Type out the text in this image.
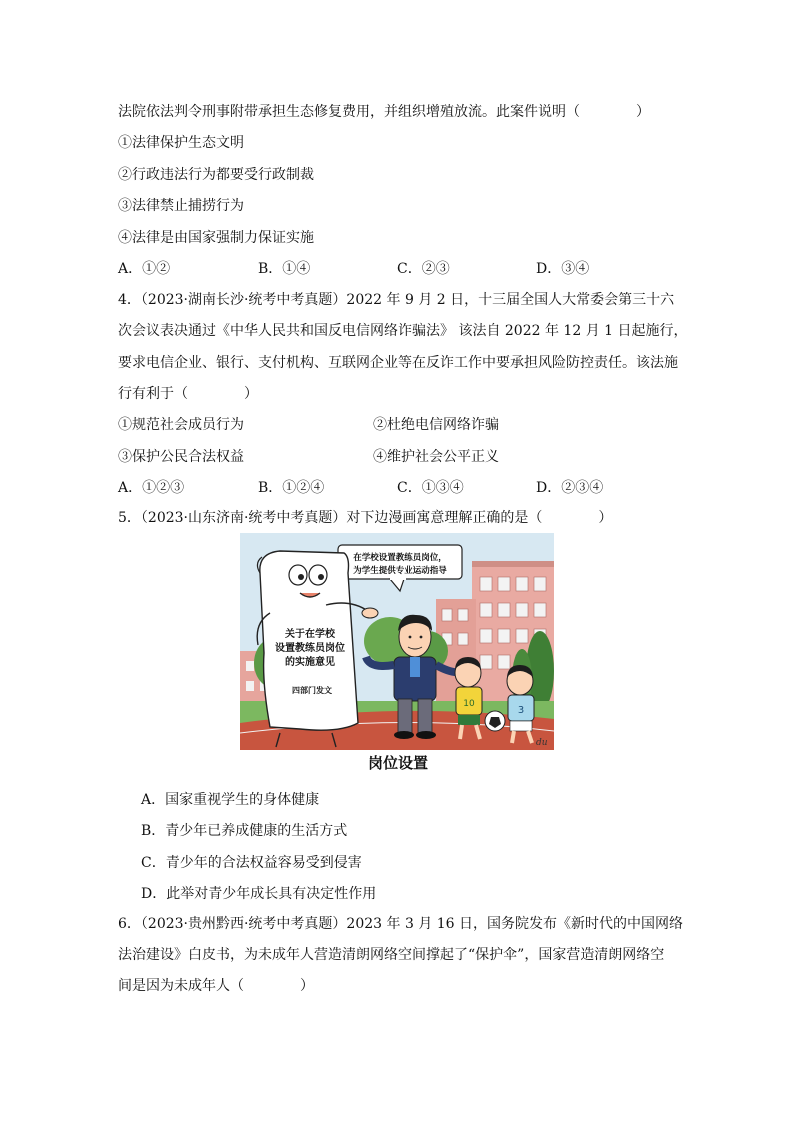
法院依法判令刑事附带承担生态修复费用，并组织增殖放流。此案件说明（　　　　）
①法律保护生态文明
②行政违法行为都要受行政制裁
③法律禁止捕捞行为
④法律是由国家强制力保证实施
A．①②	B．①④	C．②③	D．③④
4．（2023·湖南长沙·统考中考真题）2022 年 9 月 2 日，十三届全国人大常委会第三十六
次会议表决通过《中华人民共和国反电信网络诈骗法》 该法自 2022 年 12 月 1 日起施行，
要求电信企业、银行、支付机构、互联网企业等在反诈工作中要承担风险防控责任。该法施
行有利于（　　　　）
①规范社会成员行为	②杜绝电信网络诈骗
③保护公民合法权益	④维护社会公平正义
A．①②③	B．①②④	C．①③④	D．②③④
5．（2023·山东济南·统考中考真题）对下边漫画寓意理解正确的是（　　　　）
在学校设置教练员岗位，
为学生提供专业运动指导
关于在学校
设置教练员岗位
的实施意见
四部门发文
10
3
du
岗位设置
A．国家重视学生的身体健康
B．青少年已养成健康的生活方式
C．青少年的合法权益容易受到侵害
D．此举对青少年成长具有决定性作用
6．（2023·贵州黔西·统考中考真题）2023 年 3 月 16 日，国务院发布《新时代的中国网络
法治建设》白皮书，为未成年人营造清朗网络空间撑起了“保护伞”，国家营造清朗网络空
间是因为未成年人（　　　　）
